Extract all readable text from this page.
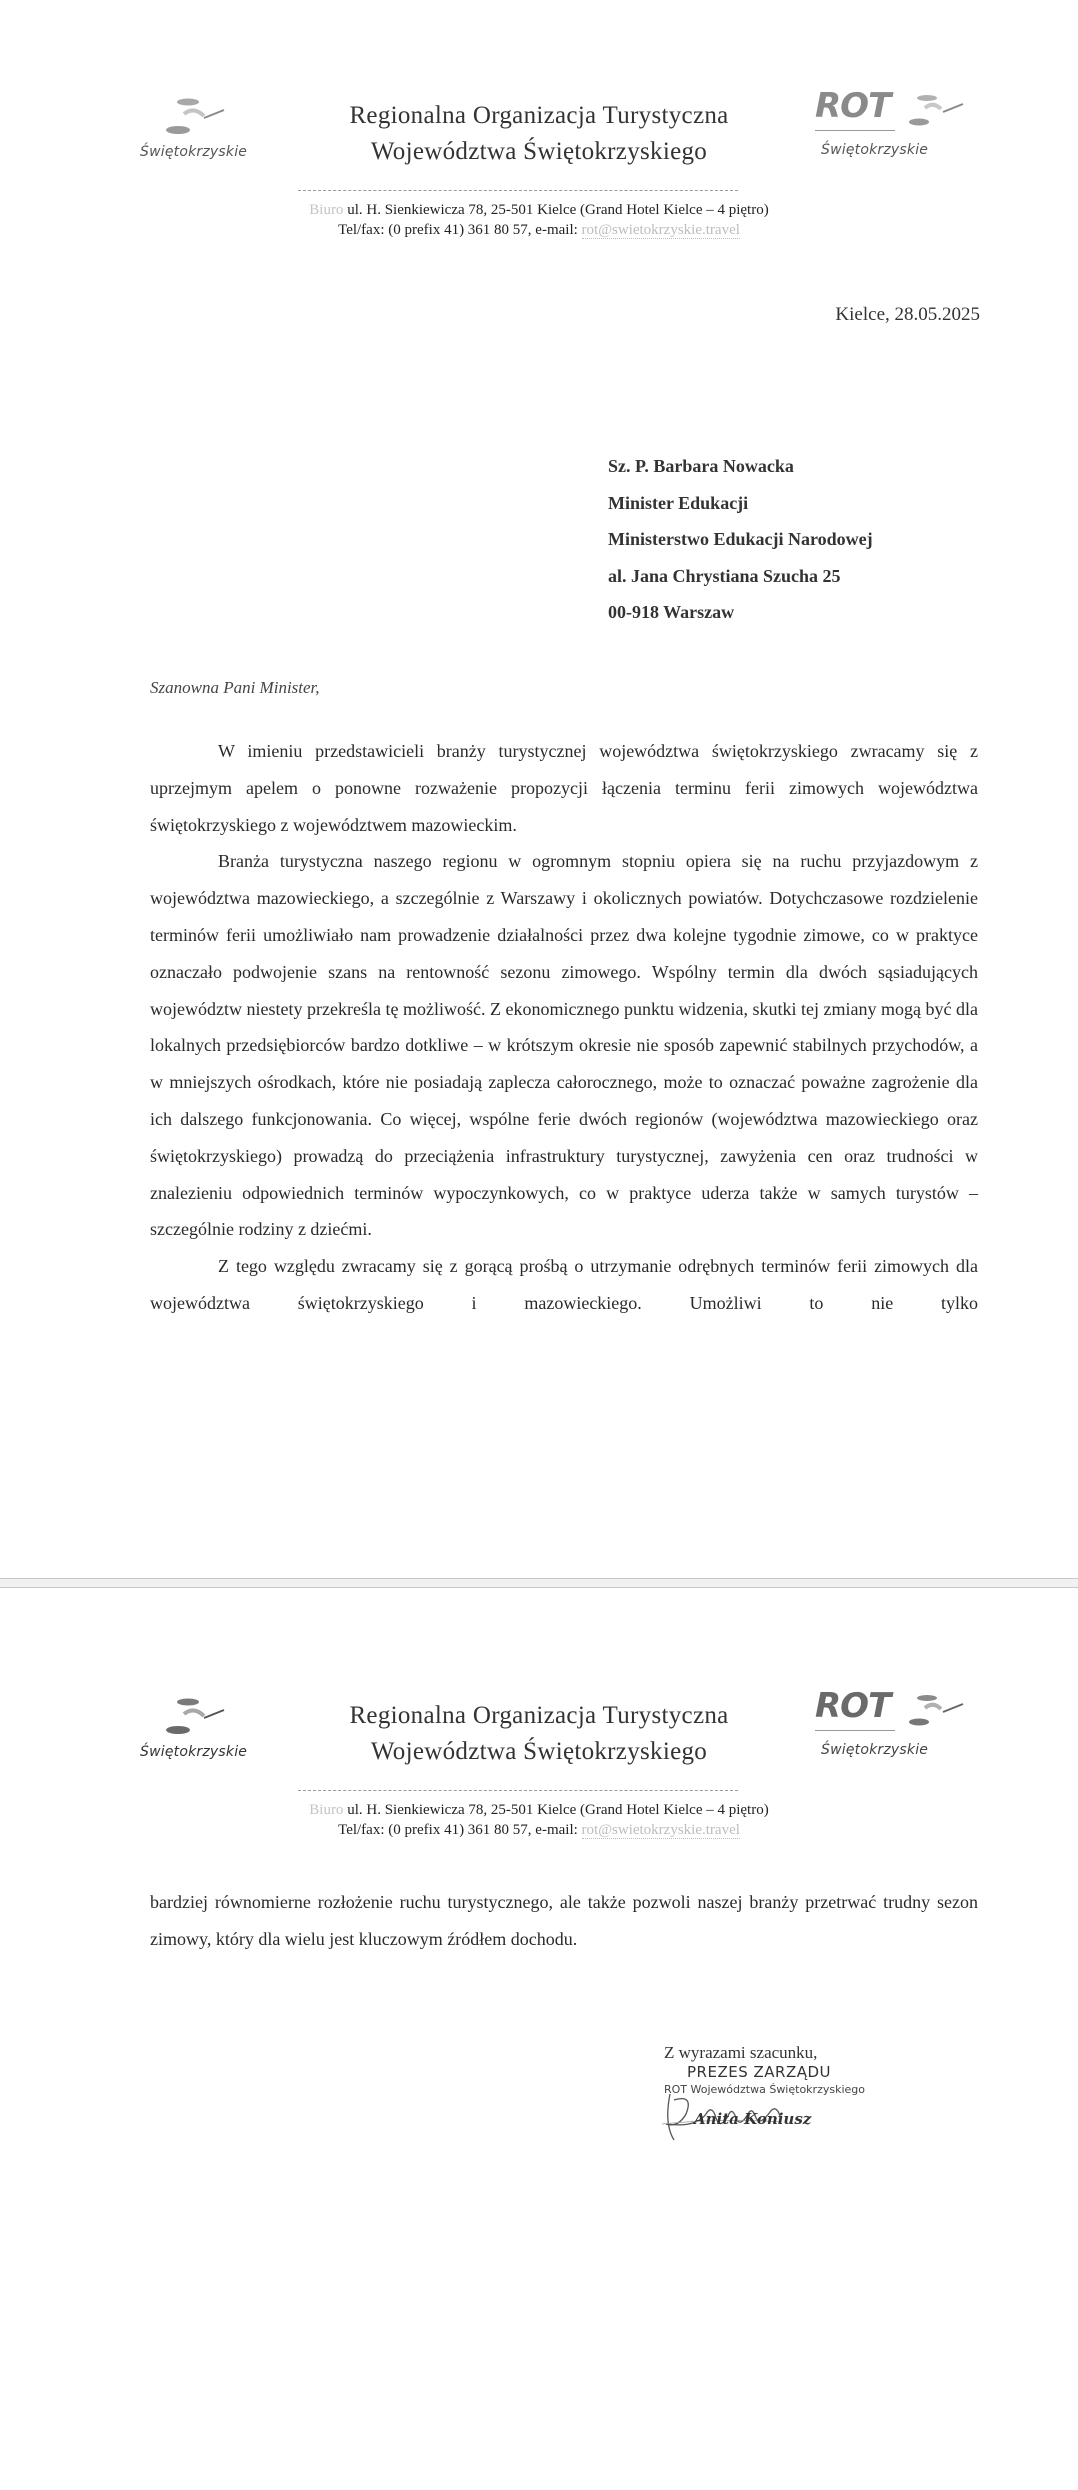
Świętokrzyskie
Regionalna Organizacja Turystyczna
Województwa Świętokrzyskiego
ROT
Świętokrzyskie
Biuro ul. H. Sienkiewicza 78, 25-501 Kielce (Grand Hotel Kielce – 4 piętro)
Tel/fax: (0 prefix 41) 361 80 57, e-mail: rot@swietokrzyskie.travel
Kielce, 28.05.2025
Sz. P. Barbara Nowacka
Minister Edukacji
Ministerstwo Edukacji Narodowej
al. Jana Chrystiana Szucha 25
00-918 Warszaw
Szanowna Pani Minister,

W imieniu przedstawicieli branży turystycznej województwa świętokrzyskiego zwracamy się z uprzejmym apelem o ponowne rozważenie propozycji łączenia terminu ferii zimowych województwa świętokrzyskiego z województwem mazowieckim.

Branża turystyczna naszego regionu w ogromnym stopniu opiera się na ruchu przyjazdowym z województwa mazowieckiego, a szczególnie z Warszawy i okolicznych powiatów. Dotychczasowe rozdzielenie terminów ferii umożliwiało nam prowadzenie działalności przez dwa kolejne tygodnie zimowe, co w praktyce oznaczało podwojenie szans na rentowność sezonu zimowego. Wspólny termin dla dwóch sąsiadujących województw niestety przekreśla tę możliwość. Z ekonomicznego punktu widzenia, skutki tej zmiany mogą być dla lokalnych przedsiębiorców bardzo dotkliwe – w krótszym okresie nie sposób zapewnić stabilnych przychodów, a w mniejszych ośrodkach, które nie posiadają zaplecza całorocznego, może to oznaczać poważne zagrożenie dla ich dalszego funkcjonowania. Co więcej, wspólne ferie dwóch regionów (województwa mazowieckiego oraz świętokrzyskiego) prowadzą do przeciążenia infrastruktury turystycznej, zawyżenia cen oraz trudności w znalezieniu odpowiednich terminów wypoczynkowych, co w praktyce uderza także w samych turystów – szczególnie rodziny z dziećmi.

Z tego względu zwracamy się z gorącą prośbą o utrzymanie odrębnych terminów ferii zimowych dla województwa świętokrzyskiego i mazowieckiego. Umożliwi to nie tylko

Świętokrzyskie
Regionalna Organizacja Turystyczna
Województwa Świętokrzyskiego
ROT
Świętokrzyskie
Biuro ul. H. Sienkiewicza 78, 25-501 Kielce (Grand Hotel Kielce – 4 piętro)
Tel/fax: (0 prefix 41) 361 80 57, e-mail: rot@swietokrzyskie.travel

bardziej równomierne rozłożenie ruchu turystycznego, ale także pozwoli naszej branży przetrwać trudny sezon zimowy, który dla wielu jest kluczowym źródłem dochodu.

Z wyrazami szacunku,
PREZES ZARZĄDU
ROT Województwa Świętokrzyskiego
Anita Koniusz
